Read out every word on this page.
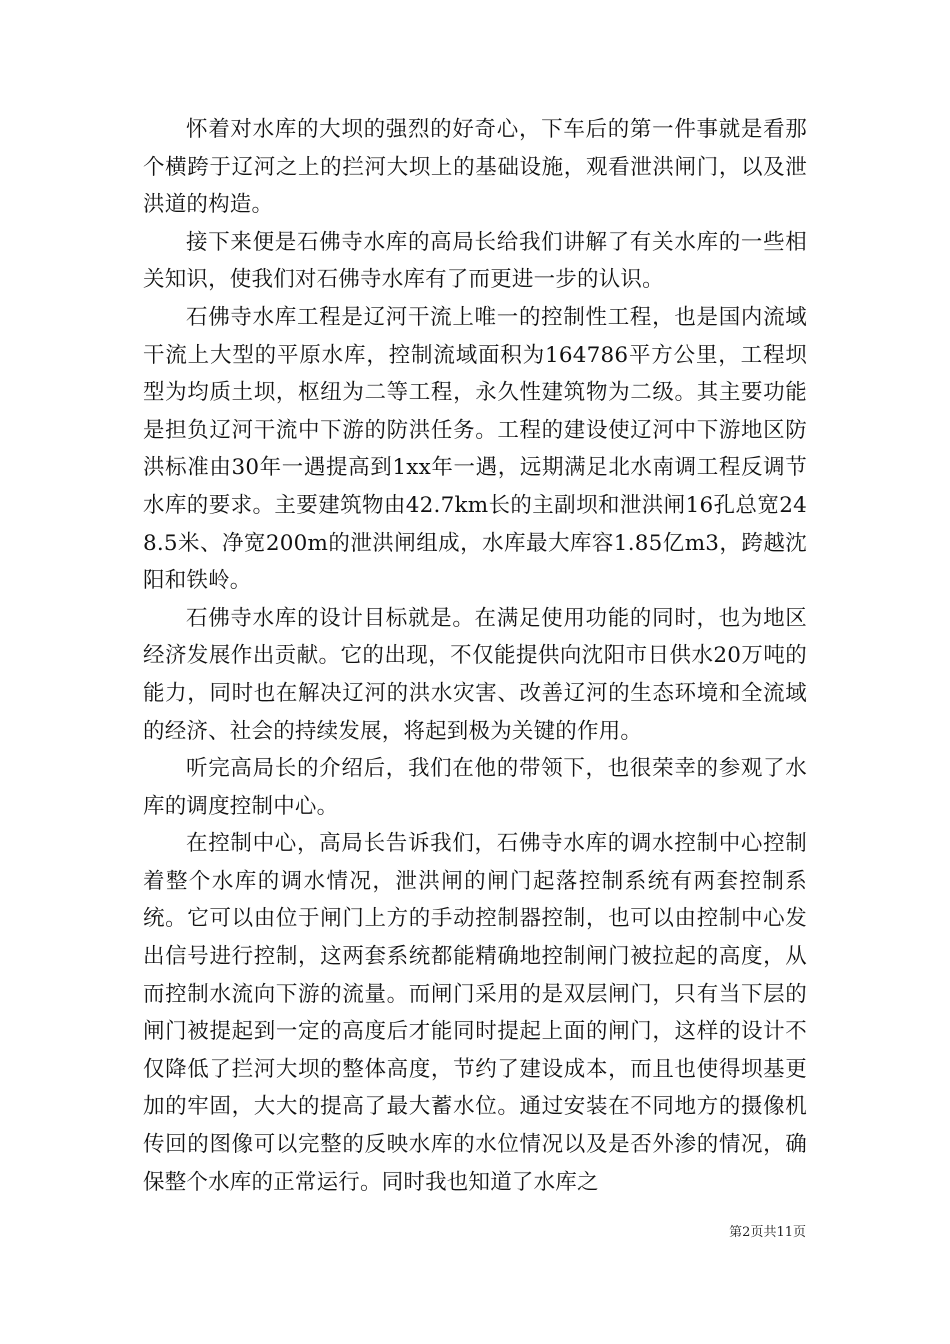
怀着对水库的大坝的强烈的好奇心，下车后的第一件事就是看那个横跨于辽河之上的拦河大坝上的基础设施，观看泄洪闸门，以及泄洪道的构造。

接下来便是石佛寺水库的高局长给我们讲解了有关水库的一些相关知识，使我们对石佛寺水库有了而更进一步的认识。

石佛寺水库工程是辽河干流上唯一的控制性工程，也是国内流域干流上大型的平原水库，控制流域面积为164786平方公里，工程坝型为均质土坝，枢纽为二等工程，永久性建筑物为二级。其主要功能是担负辽河干流中下游的防洪任务。工程的建设使辽河中下游地区防洪标准由30年一遇提高到1xx年一遇，远期满足北水南调工程反调节水库的要求。主要建筑物由42.7km长的主副坝和泄洪闸16孔总宽248.5米、净宽200m的泄洪闸组成，水库最大库容1.85亿m3，跨越沈阳和铁岭。

石佛寺水库的设计目标就是。在满足使用功能的同时，也为地区经济发展作出贡献。它的出现，不仅能提供向沈阳市日供水20万吨的能力，同时也在解决辽河的洪水灾害、改善辽河的生态环境和全流域的经济、社会的持续发展，将起到极为关键的作用。

听完高局长的介绍后，我们在他的带领下，也很荣幸的参观了水库的调度控制中心。

在控制中心，高局长告诉我们，石佛寺水库的调水控制中心控制着整个水库的调水情况，泄洪闸的闸门起落控制系统有两套控制系统。它可以由位于闸门上方的手动控制器控制，也可以由控制中心发出信号进行控制，这两套系统都能精确地控制闸门被拉起的高度，从而控制水流向下游的流量。而闸门采用的是双层闸门，只有当下层的闸门被提起到一定的高度后才能同时提起上面的闸门，这样的设计不仅降低了拦河大坝的整体高度，节约了建设成本，而且也使得坝基更加的牢固，大大的提高了最大蓄水位。通过安装在不同地方的摄像机传回的图像可以完整的反映水库的水位情况以及是否外渗的情况，确保整个水库的正常运行。同时我也知道了水库之

第2页共11页
